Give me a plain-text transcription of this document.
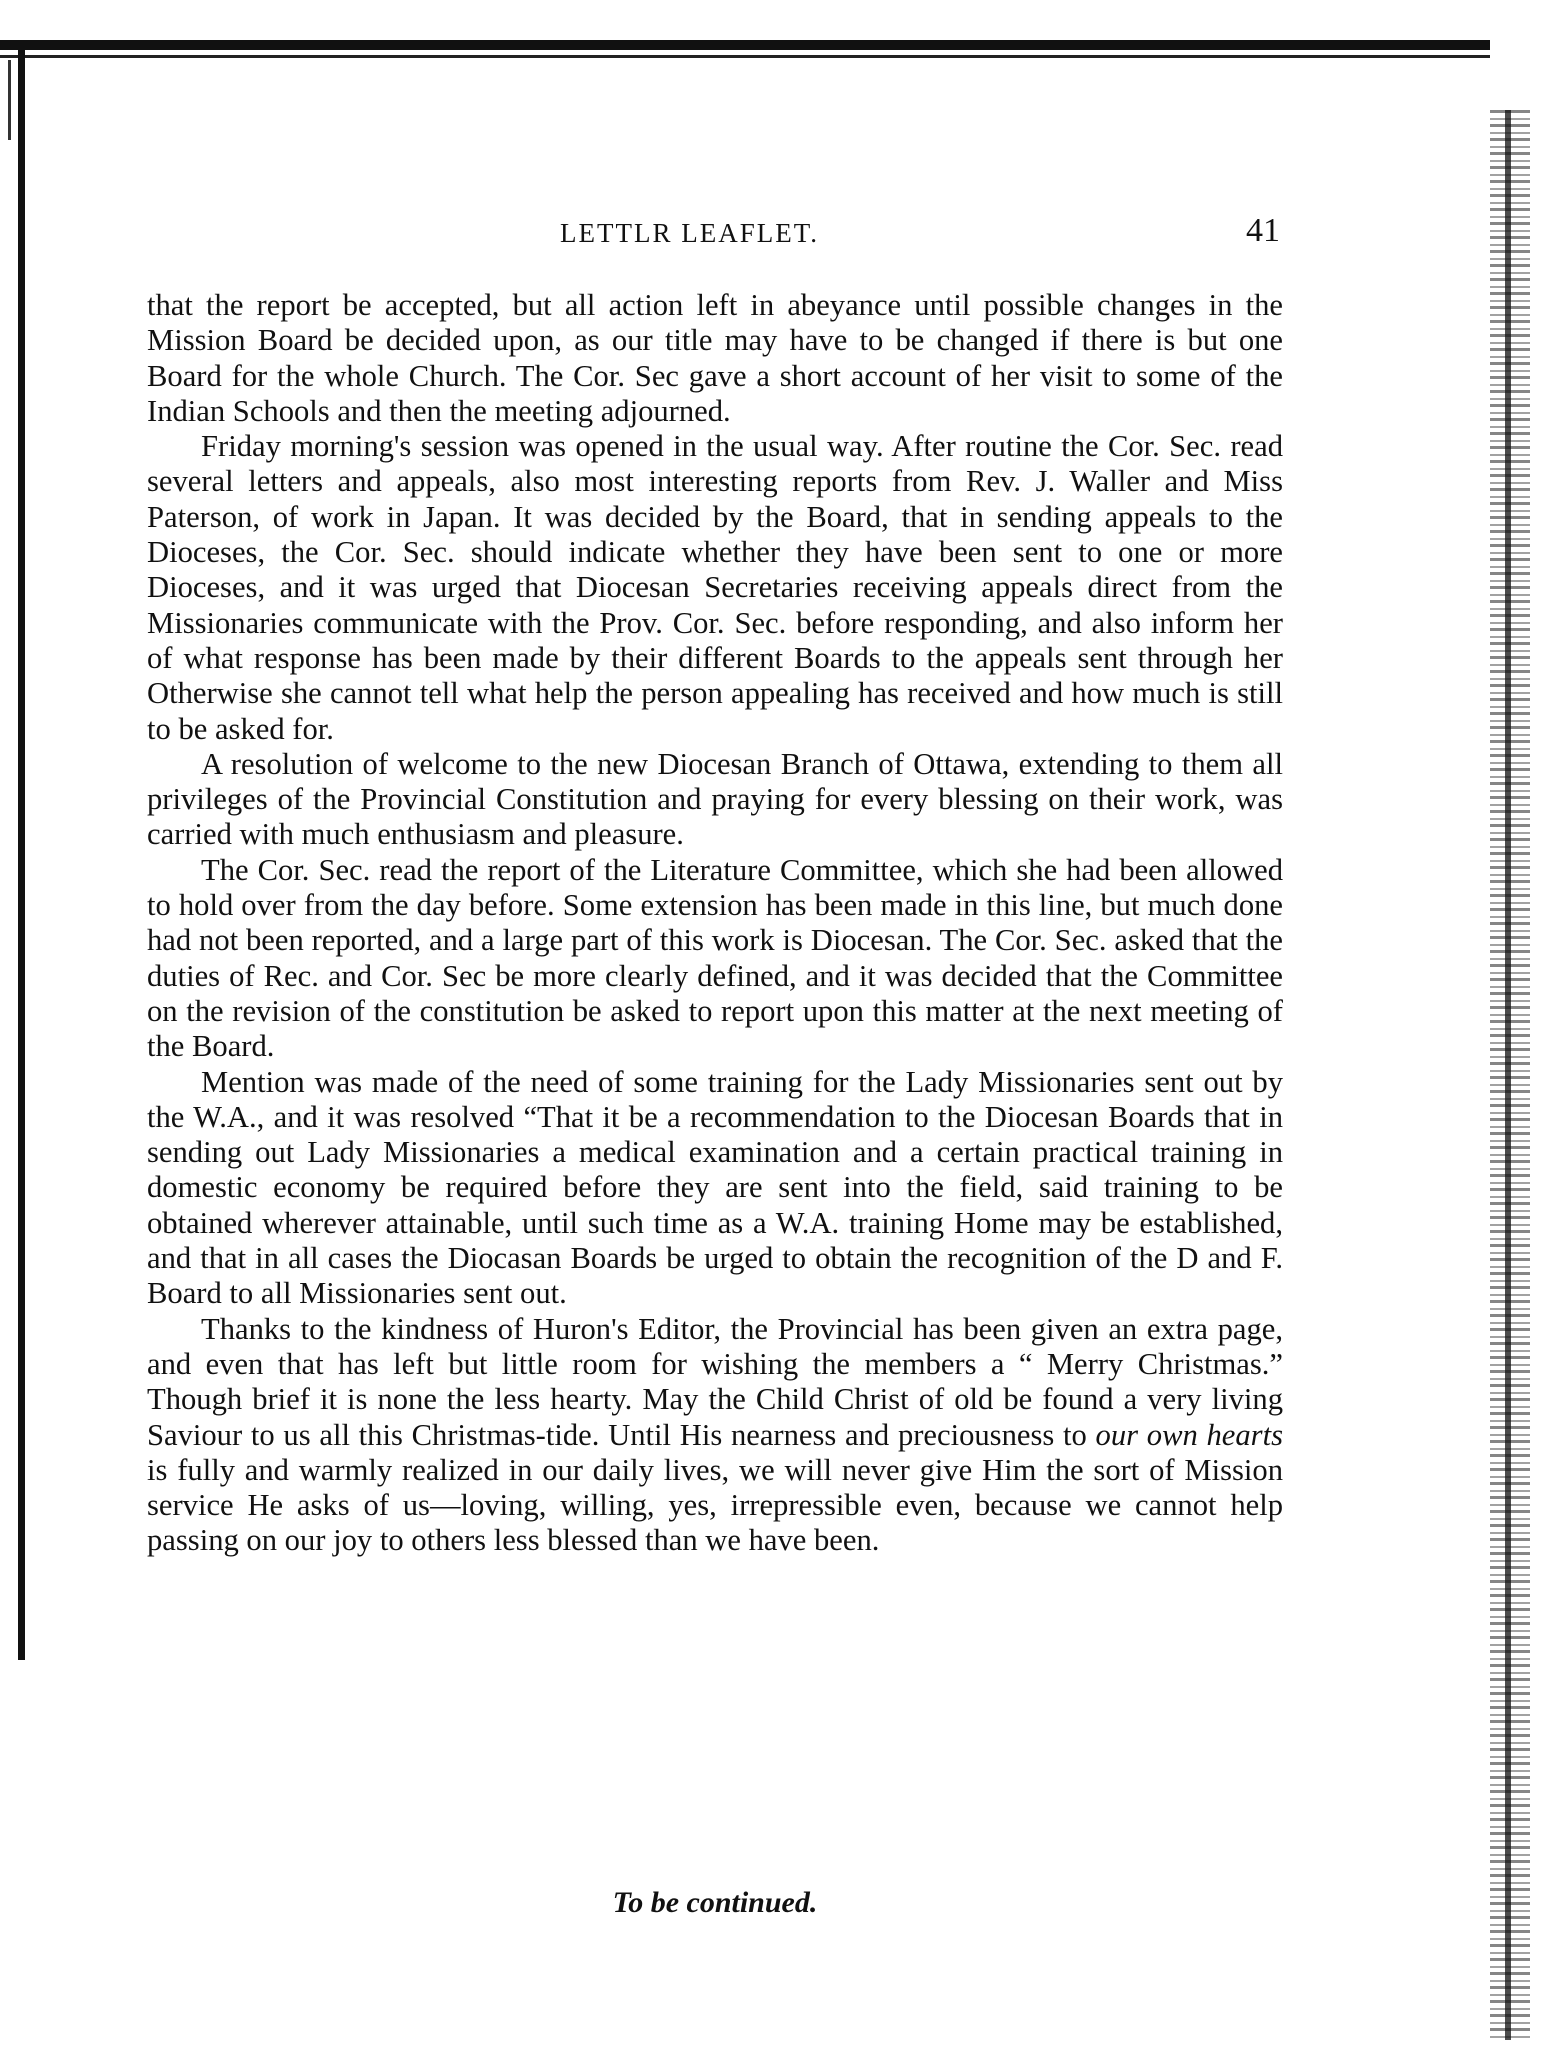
LETTLR LEAFLET.	41

that the report be accepted, but all action left in abeyance until possible changes in the Mission Board be decided upon, as our title may have to be changed if there is but one Board for the whole Church. The Cor. Sec gave a short account of her visit to some of the Indian Schools and then the meeting adjourned.

Friday morning's session was opened in the usual way. After routine the Cor. Sec. read several letters and appeals, also most interesting reports from Rev. J. Waller and Miss Paterson, of work in Japan. It was decided by the Board, that in sending appeals to the Dioceses, the Cor. Sec. should indicate whether they have been sent to one or more Dioceses, and it was urged that Diocesan Secretaries receiving appeals direct from the Missionaries communicate with the Prov. Cor. Sec. before responding, and also inform her of what response has been made by their different Boards to the appeals sent through her Otherwise she cannot tell what help the person appealing has received and how much is still to be asked for.

A resolution of welcome to the new Diocesan Branch of Ottawa, extending to them all privileges of the Provincial Constitution and praying for every blessing on their work, was carried with much enthusiasm and pleasure.

The Cor. Sec. read the report of the Literature Committee, which she had been allowed to hold over from the day before. Some extension has been made in this line, but much done had not been reported, and a large part of this work is Diocesan. The Cor. Sec. asked that the duties of Rec. and Cor. Sec be more clearly defined, and it was decided that the Committee on the revision of the constitution be asked to report upon this matter at the next meeting of the Board.

Mention was made of the need of some training for the Lady Missionaries sent out by the W.A., and it was resolved “That it be a recommendation to the Diocesan Boards that in sending out Lady Missionaries a medical examination and a certain practical training in domestic economy be required before they are sent into the field, said training to be obtained wherever attainable, until such time as a W.A. training Home may be established, and that in all cases the Diocasan Boards be urged to obtain the recognition of the D and F. Board to all Missionaries sent out.

Thanks to the kindness of Huron's Editor, the Provincial has been given an extra page, and even that has left but little room for wishing the members a “ Merry Christmas.” Though brief it is none the less hearty. May the Child Christ of old be found a very living Saviour to us all this Christmas-tide. Until His nearness and preciousness to our own hearts is fully and warmly realized in our daily lives, we will never give Him the sort of Mission service He asks of us—loving, willing, yes, irrepressible even, because we cannot help passing on our joy to others less blessed than we have been.

To be continued.
